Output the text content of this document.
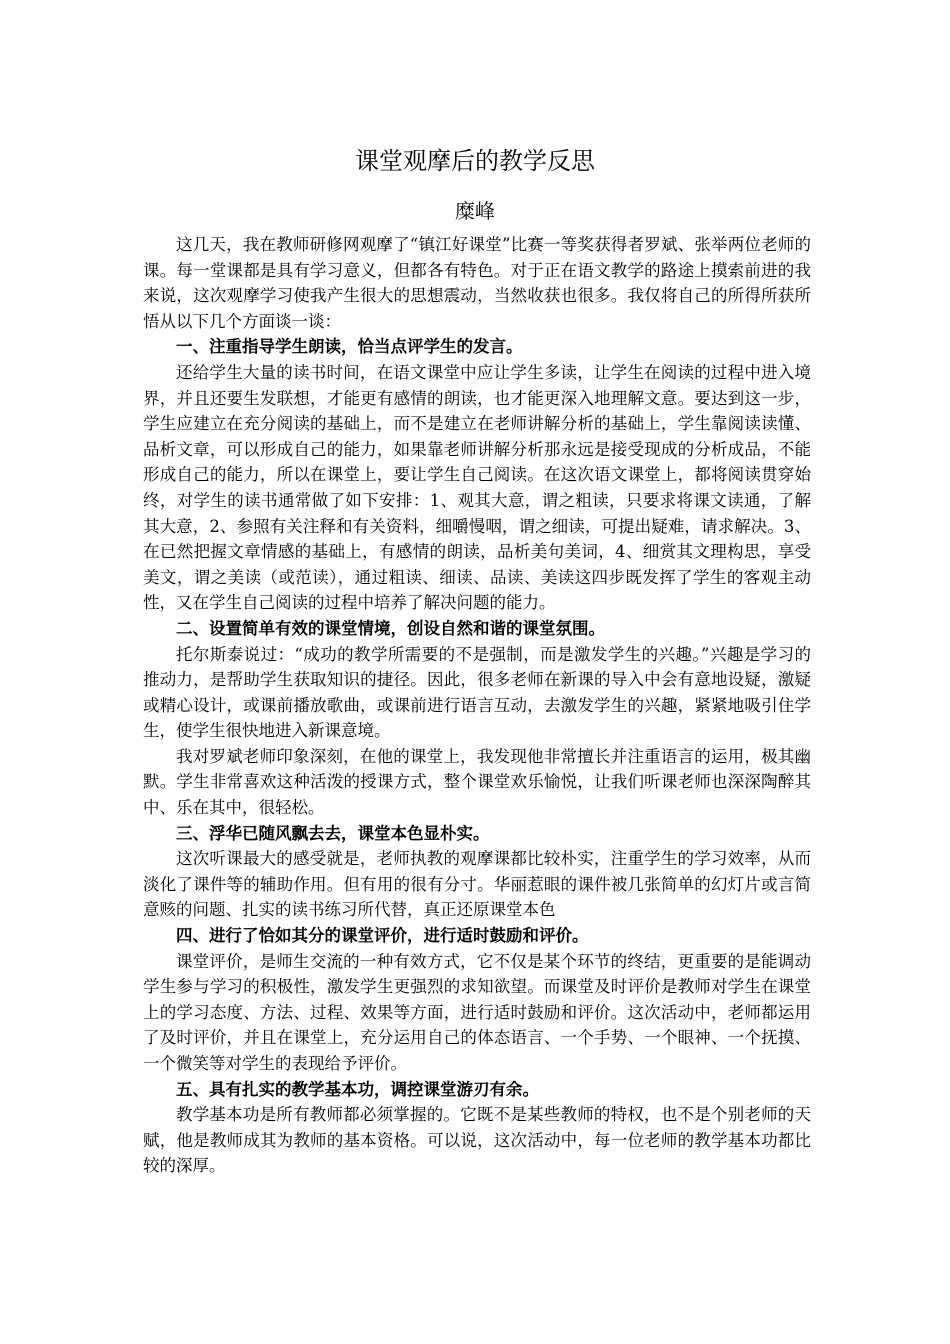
课堂观摩后的教学反思
糜峰

这几天，我在教师研修网观摩了“镇江好课堂”比赛一等奖获得者罗斌、张举两位老师的课。每一堂课都是具有学习意义，但都各有特色。对于正在语文教学的路途上摸索前进的我来说，这次观摩学习使我产生很大的思想震动，当然收获也很多。我仅将自己的所得所获所悟从以下几个方面谈一谈：

一、注重指导学生朗读，恰当点评学生的发言。

还给学生大量的读书时间，在语文课堂中应让学生多读，让学生在阅读的过程中进入境界，并且还要生发联想，才能更有感情的朗读，也才能更深入地理解文意。要达到这一步，学生应建立在充分阅读的基础上，而不是建立在老师讲解分析的基础上，学生靠阅读读懂、品析文章，可以形成自己的能力，如果靠老师讲解分析那永远是接受现成的分析成品，不能形成自己的能力，所以在课堂上，要让学生自己阅读。在这次语文课堂上，都将阅读贯穿始终，对学生的读书通常做了如下安排：1、观其大意，谓之粗读，只要求将课文读通，了解其大意，2、参照有关注释和有关资料，细嚼慢咽，谓之细读，可提出疑难，请求解决。3、在已然把握文章情感的基础上，有感情的朗读，品析美句美词，4、细赏其文理构思，享受美文，谓之美读（或范读），通过粗读、细读、品读、美读这四步既发挥了学生的客观主动性，又在学生自己阅读的过程中培养了解决问题的能力。

二、设置简单有效的课堂情境，创设自然和谐的课堂氛围。

托尔斯泰说过：“成功的教学所需要的不是强制，而是激发学生的兴趣。”兴趣是学习的推动力，是帮助学生获取知识的捷径。因此，很多老师在新课的导入中会有意地设疑，激疑或精心设计，或课前播放歌曲，或课前进行语言互动，去激发学生的兴趣，紧紧地吸引住学生，使学生很快地进入新课意境。

我对罗斌老师印象深刻，在他的课堂上，我发现他非常擅长并注重语言的运用，极其幽默。学生非常喜欢这种活泼的授课方式，整个课堂欢乐愉悦，让我们听课老师也深深陶醉其中、乐在其中，很轻松。

三、浮华已随风飘去去，课堂本色显朴实。

这次听课最大的感受就是，老师执教的观摩课都比较朴实，注重学生的学习效率，从而淡化了课件等的辅助作用。但有用的很有分寸。华丽惹眼的课件被几张简单的幻灯片或言简意赅的问题、扎实的读书练习所代替，真正还原课堂本色

四、进行了恰如其分的课堂评价，进行适时鼓励和评价。

课堂评价，是师生交流的一种有效方式，它不仅是某个环节的终结，更重要的是能调动学生参与学习的积极性，激发学生更强烈的求知欲望。而课堂及时评价是教师对学生在课堂上的学习态度、方法、过程、效果等方面，进行适时鼓励和评价。这次活动中，老师都运用了及时评价，并且在课堂上，充分运用自己的体态语言、一个手势、一个眼神、一个抚摸、一个微笑等对学生的表现给予评价。

五、具有扎实的教学基本功，调控课堂游刃有余。

教学基本功是所有教师都必须掌握的。它既不是某些教师的特权，也不是个别老师的天赋，他是教师成其为教师的基本资格。可以说，这次活动中，每一位老师的教学基本功都比较的深厚。
